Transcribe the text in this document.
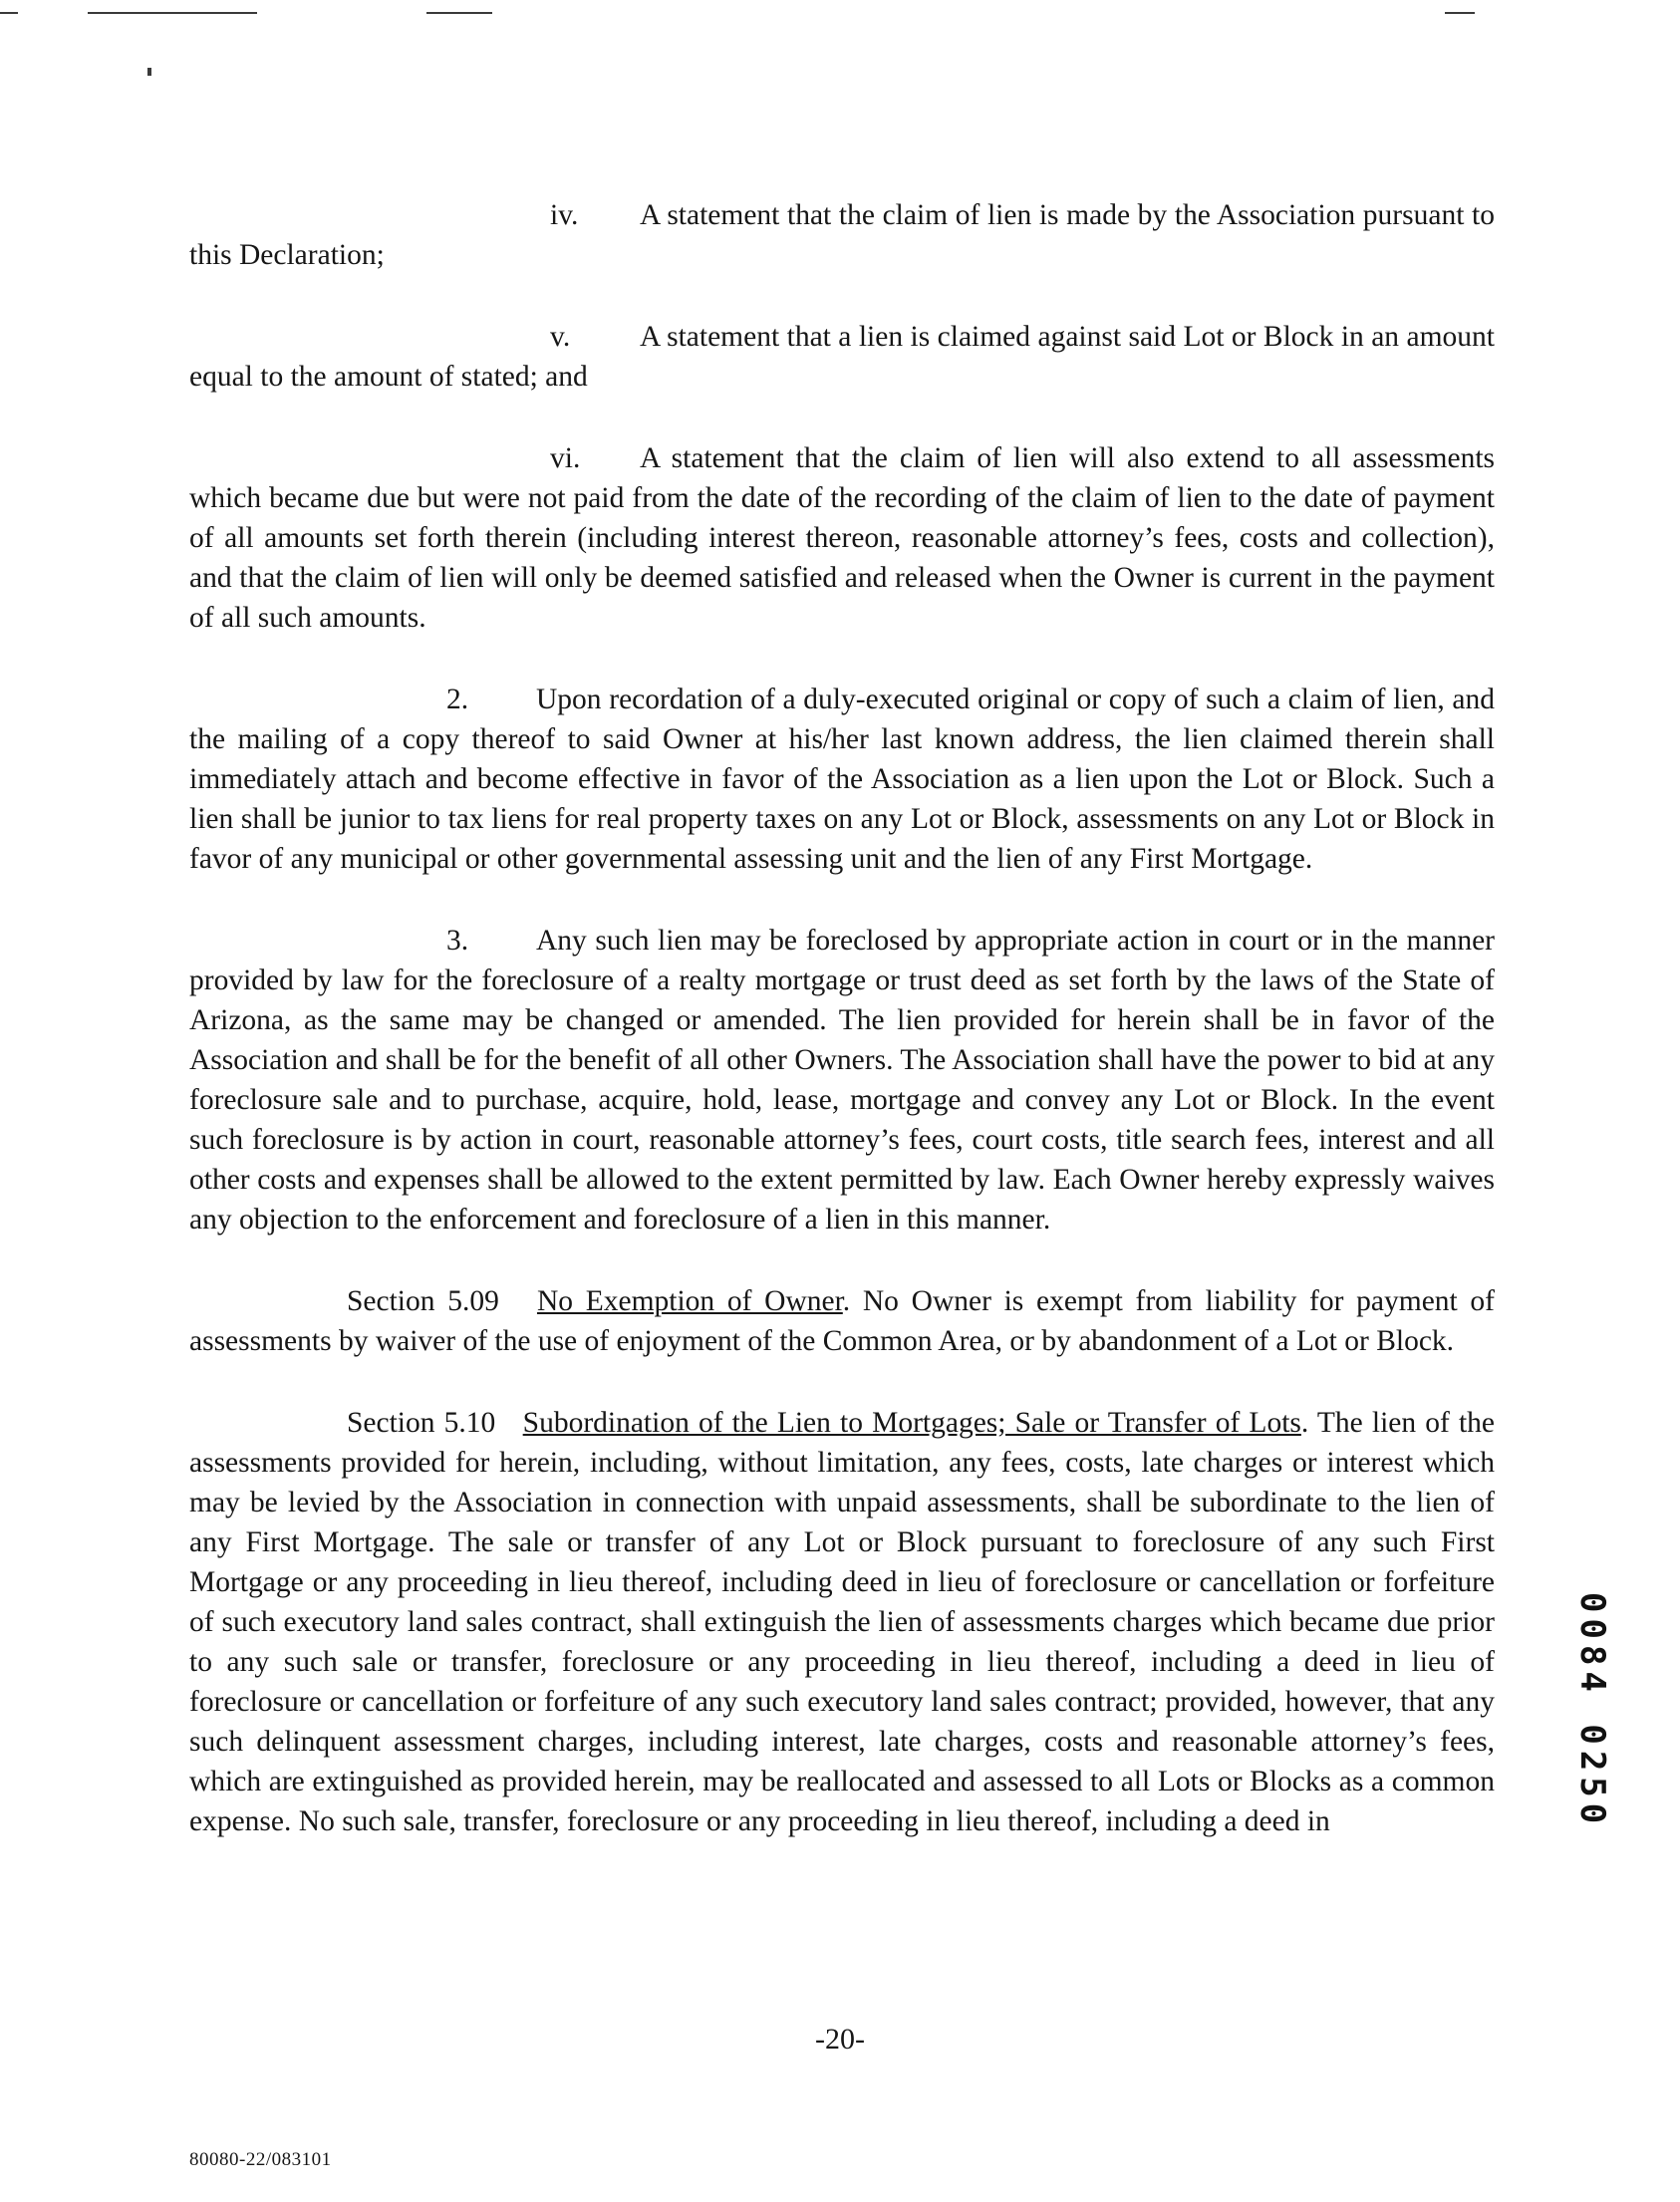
iv. A statement that the claim of lien is made by the Association pursuant to this Declaration;

v. A statement that a lien is claimed against said Lot or Block in an amount equal to the amount of stated; and

vi. A statement that the claim of lien will also extend to all assessments which became due but were not paid from the date of the recording of the claim of lien to the date of payment of all amounts set forth therein (including interest thereon, reasonable attorney’s fees, costs and collection), and that the claim of lien will only be deemed satisfied and released when the Owner is current in the payment of all such amounts.

2. Upon recordation of a duly-executed original or copy of such a claim of lien, and the mailing of a copy thereof to said Owner at his/her last known address, the lien claimed therein shall immediately attach and become effective in favor of the Association as a lien upon the Lot or Block. Such a lien shall be junior to tax liens for real property taxes on any Lot or Block, assessments on any Lot or Block in favor of any municipal or other governmental assessing unit and the lien of any First Mortgage.

3. Any such lien may be foreclosed by appropriate action in court or in the manner provided by law for the foreclosure of a realty mortgage or trust deed as set forth by the laws of the State of Arizona, as the same may be changed or amended. The lien provided for herein shall be in favor of the Association and shall be for the benefit of all other Owners. The Association shall have the power to bid at any foreclosure sale and to purchase, acquire, hold, lease, mortgage and convey any Lot or Block. In the event such foreclosure is by action in court, reasonable attorney’s fees, court costs, title search fees, interest and all other costs and expenses shall be allowed to the extent permitted by law. Each Owner hereby expressly waives any objection to the enforcement and foreclosure of a lien in this manner.

Section 5.09 No Exemption of Owner. No Owner is exempt from liability for payment of assessments by waiver of the use of enjoyment of the Common Area, or by abandonment of a Lot or Block.

Section 5.10 Subordination of the Lien to Mortgages; Sale or Transfer of Lots. The lien of the assessments provided for herein, including, without limitation, any fees, costs, late charges or interest which may be levied by the Association in connection with unpaid assessments, shall be subordinate to the lien of any First Mortgage. The sale or transfer of any Lot or Block pursuant to foreclosure of any such First Mortgage or any proceeding in lieu thereof, including deed in lieu of foreclosure or cancellation or forfeiture of such executory land sales contract, shall extinguish the lien of assessments charges which became due prior to any such sale or transfer, foreclosure or any proceeding in lieu thereof, including a deed in lieu of foreclosure or cancellation or forfeiture of any such executory land sales contract; provided, however, that any such delinquent assessment charges, including interest, late charges, costs and reasonable attorney’s fees, which are extinguished as provided herein, may be reallocated and assessed to all Lots or Blocks as a common expense. No such sale, transfer, foreclosure or any proceeding in lieu thereof, including a deed in

-20-
80080-22/083101
0084 0250
